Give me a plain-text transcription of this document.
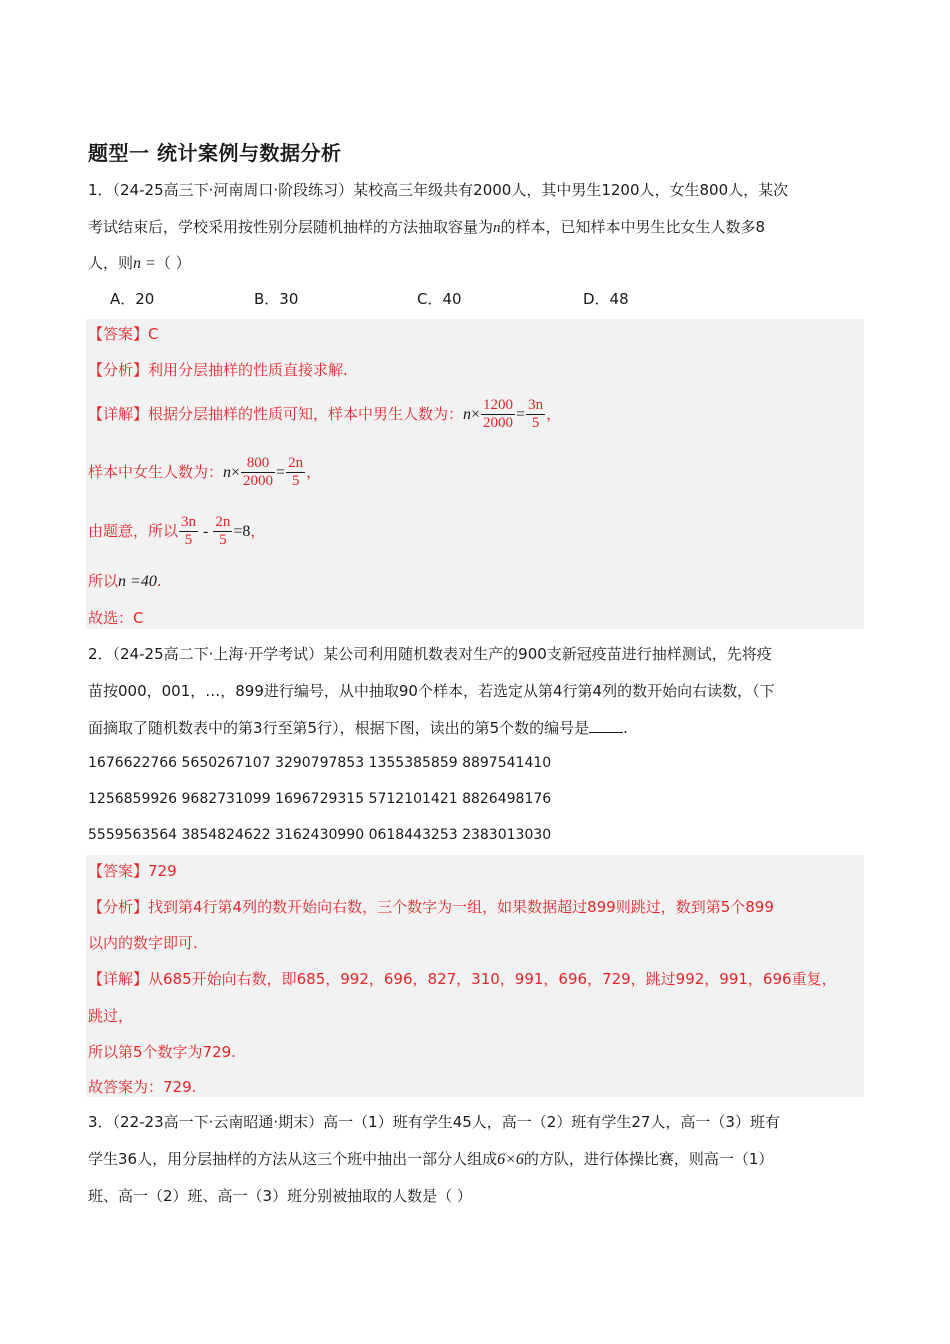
题型一 统计案例与数据分析
1．（24-25高三下·河南周口·阶段练习）某校高三年级共有2000人，其中男生1200人，女生800人，某次
考试结束后，学校采用按性别分层随机抽样的方法抽取容量为n的样本，已知样本中男生比女生人数多8
人，则n =（ ）
A．20	B．30	C．40	D．48
【答案】C
【分析】利用分层抽样的性质直接求解.
【详解】根据分层抽样的性质可知，样本中男生人数为：$n\times \frac{1200}{2000} = \frac{3n}{5}$ ，
样本中女生人数为：$n\times \frac{800}{2000} = \frac{2n}{5}$ ，
由题意，所以 $\frac{3n}{5} - \frac{2n}{5} =8$，
所以n =40.
故选：C
2．（24-25高二下·上海·开学考试）某公司利用随机数表对生产的900支新冠疫苗进行抽样测试，先将疫
苗按000，001，…，899进行编号，从中抽取90个样本，若选定从第4行第4列的数开始向右读数，（下
面摘取了随机数表中的第3行至第5行），根据下图，读出的第5个数的编号是 .
1676622766 5650267107 3290797853 1355385859 8897541410
1256859926 9682731099 1696729315 5712101421 8826498176
5559563564 3854824622 3162430990 0618443253 2383013030
【答案】729
【分析】找到第4行第4列的数开始向右数，三个数字为一组，如果数据超过899则跳过，数到第5个899
以内的数字即可.
【详解】从685开始向右数，即685，992，696，827，310，991，696，729，跳过992，991，696重复，
跳过，
所以第5个数字为729.
故答案为：729.
3．（22-23高一下·云南昭通·期末）高一（1）班有学生45人，高一（2）班有学生27人，高一（3）班有
学生36人，用分层抽样的方法从这三个班中抽出一部分人组成6×6的方队，进行体操比赛，则高一（1）
班、高一（2）班、高一（3）班分别被抽取的人数是（ ）
